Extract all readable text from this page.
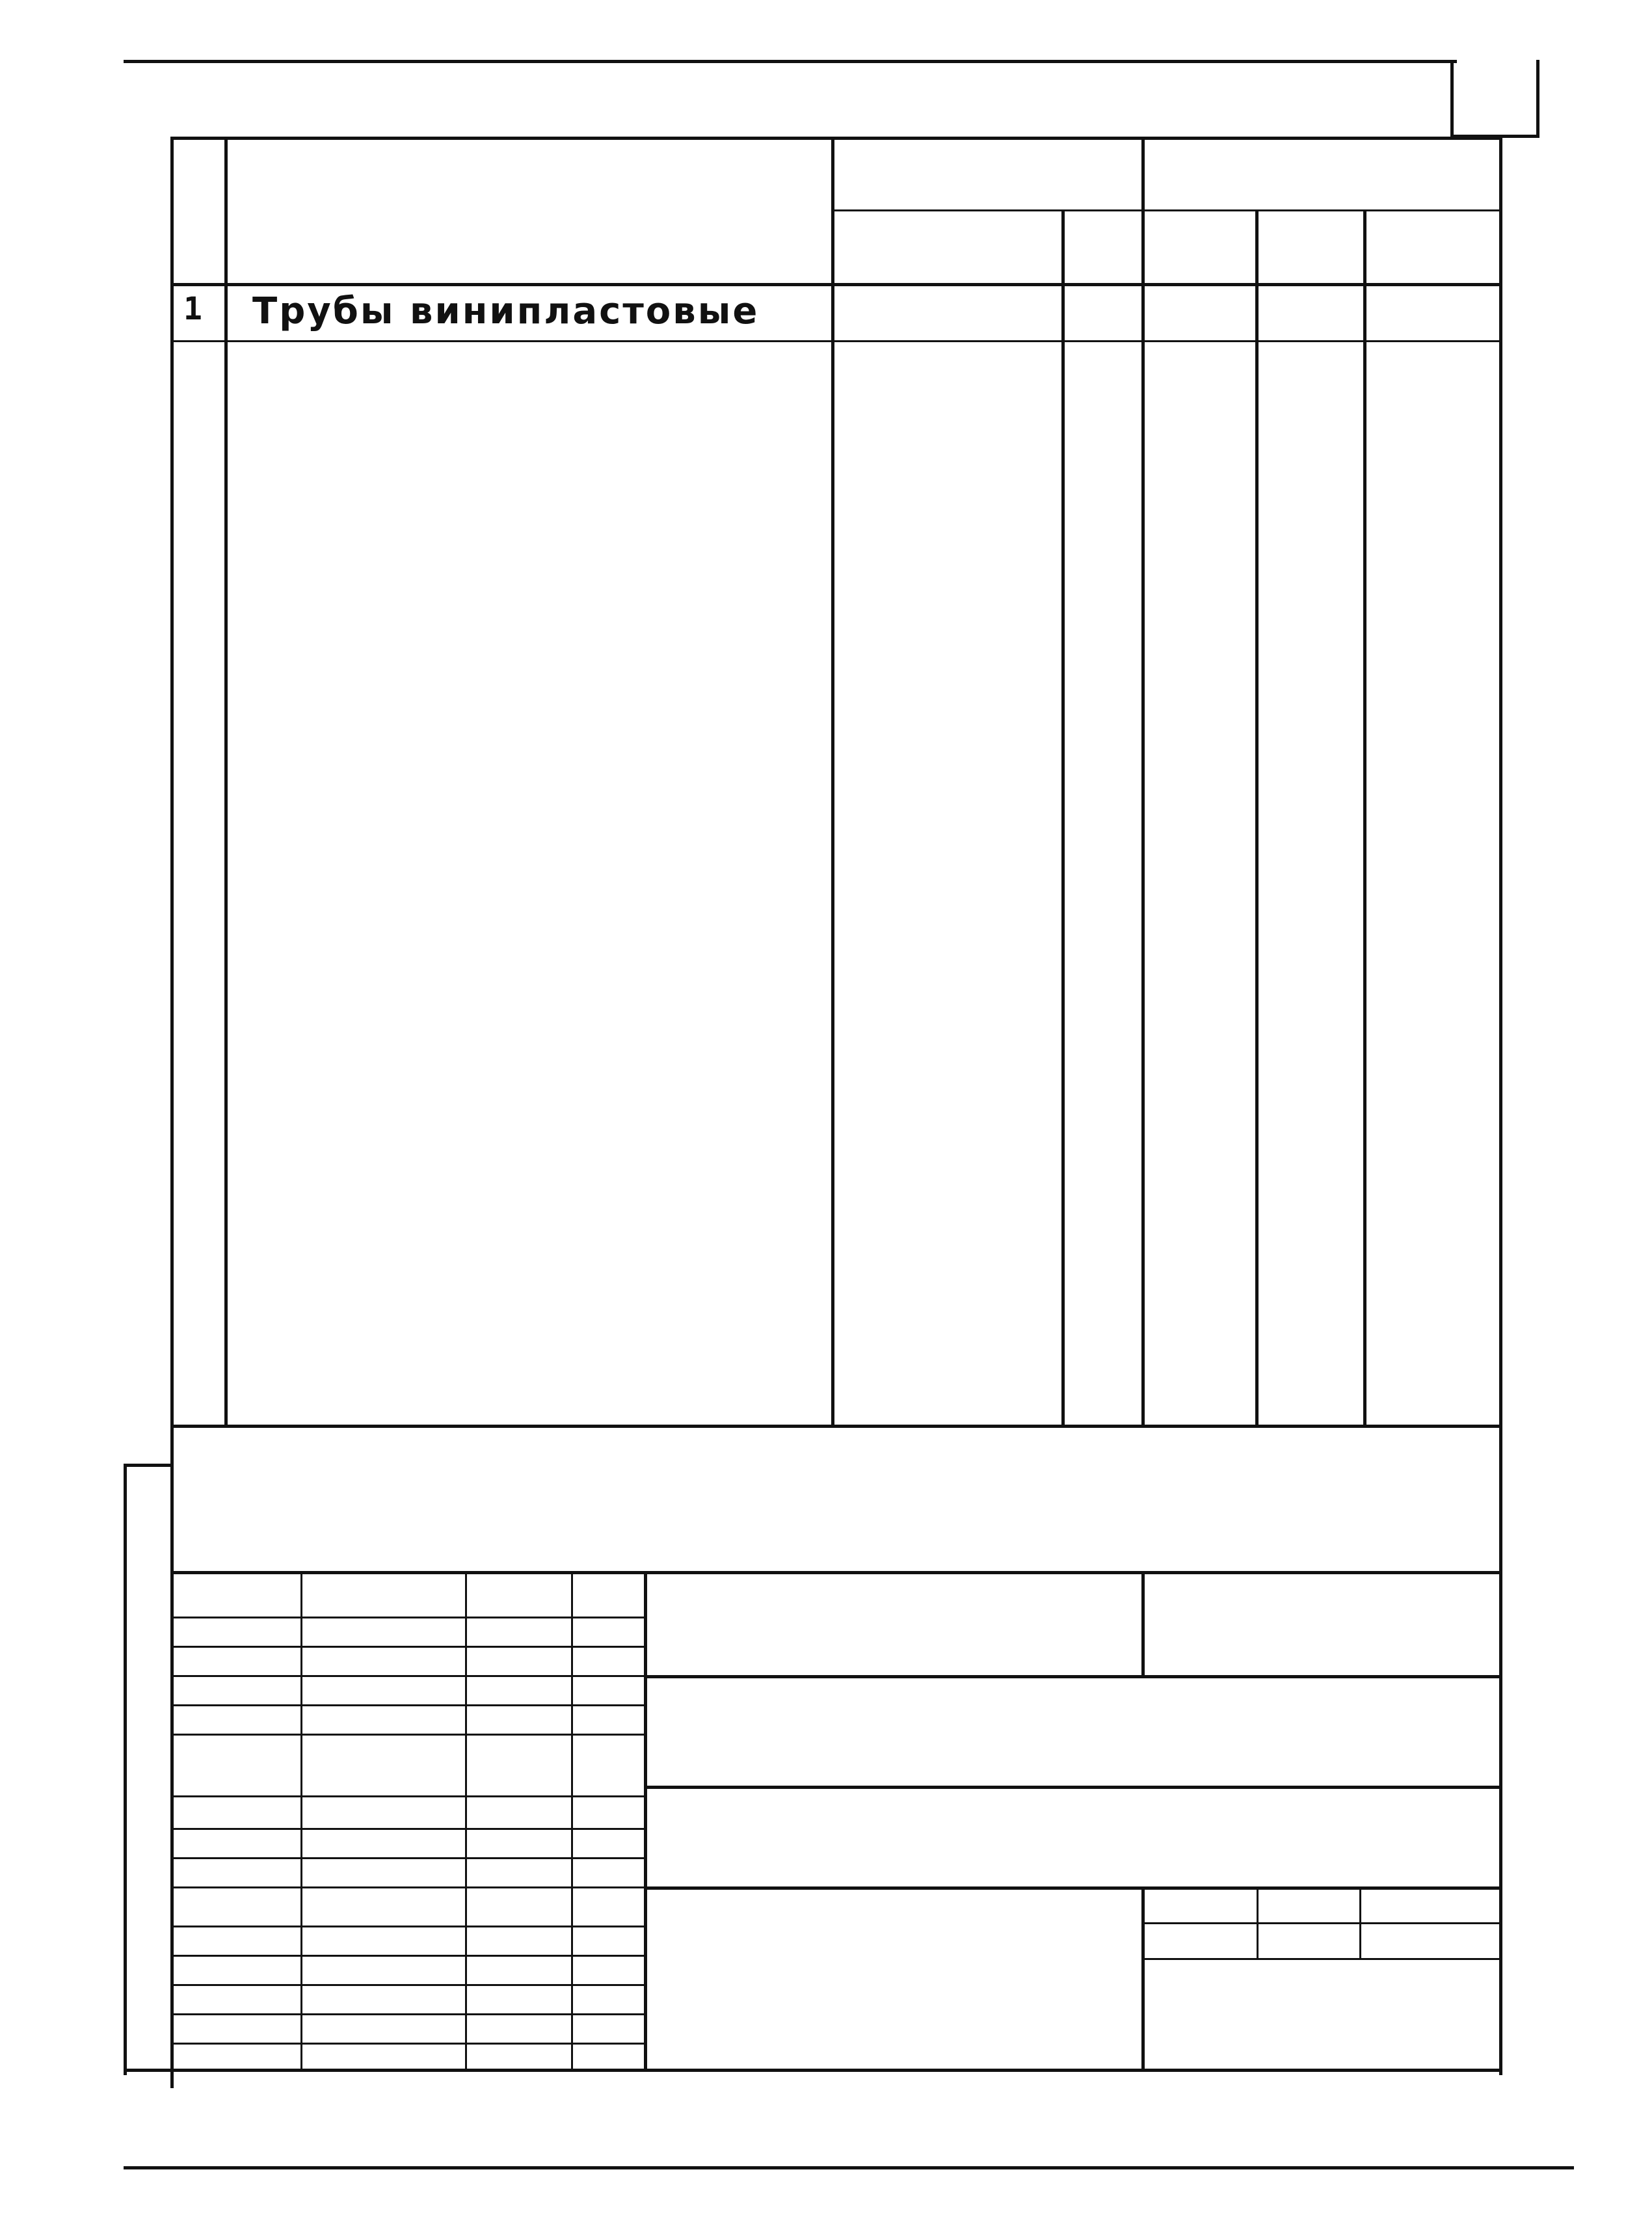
1 Трубы винипластовые
